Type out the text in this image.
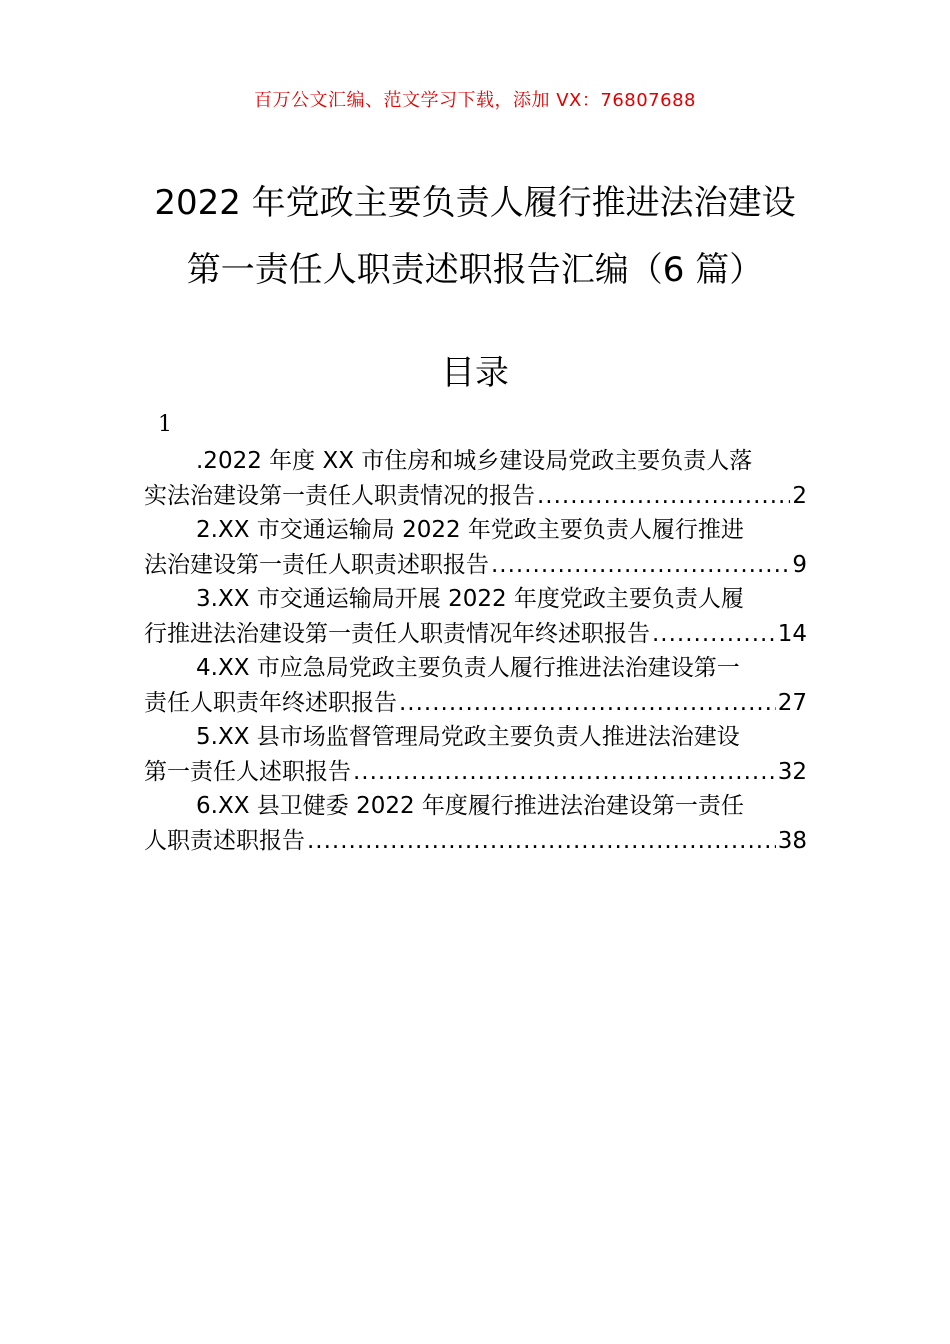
百万公文汇编、范文学习下载，添加 VX：76807688
2022 年党政主要负责人履行推进法治建设
第一责任人职责述职报告汇编（6 篇）
目录
1
.2022 年度 XX 市住房和城乡建设局党政主要负责人落
实法治建设第一责任人职责情况的报告 .....	2
2.XX 市交通运输局 2022 年党政主要负责人履行推进
法治建设第一责任人职责述职报告 .....	9
3.XX 市交通运输局开展 2022 年度党政主要负责人履
行推进法治建设第一责任人职责情况年终述职报告 .....	14
4.XX 市应急局党政主要负责人履行推进法治建设第一
责任人职责年终述职报告 .....	27
5.XX 县市场监督管理局党政主要负责人推进法治建设
第一责任人述职报告 .....	32
6.XX 县卫健委 2022 年度履行推进法治建设第一责任
人职责述职报告 .....	38
